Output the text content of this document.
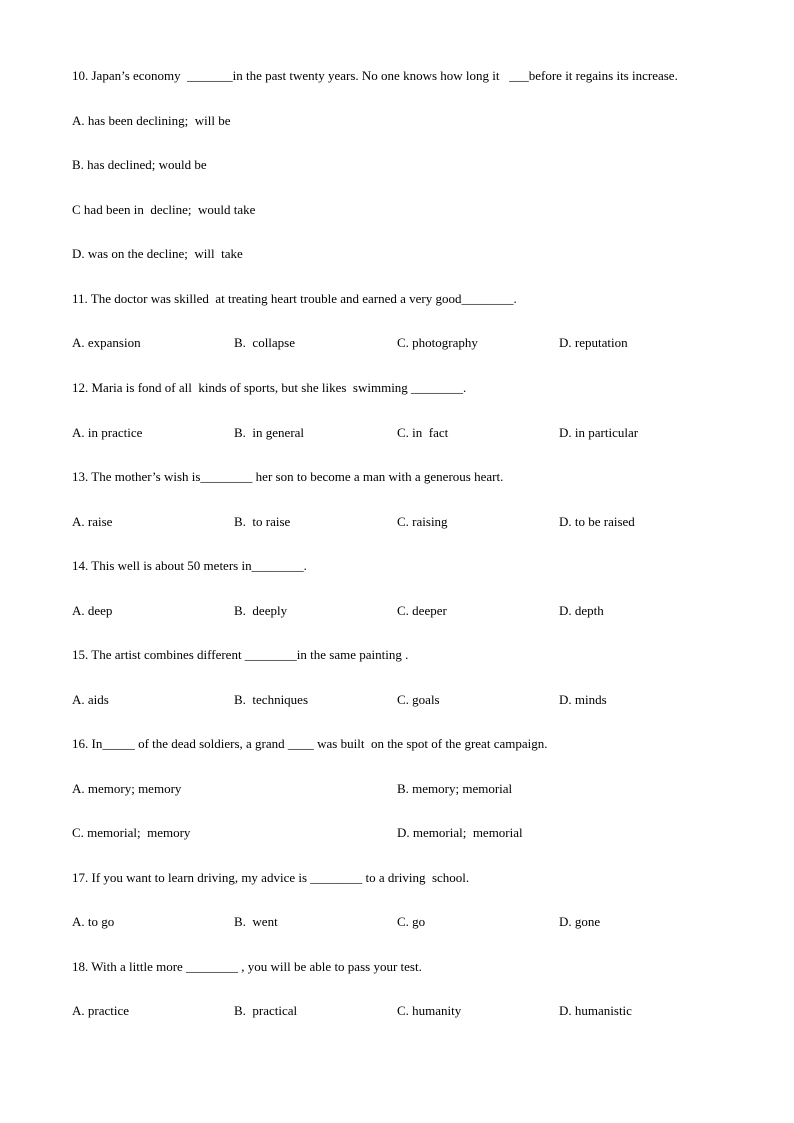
10. Japan’s economy  _______in the past twenty years. No one knows how long it   ___before it regains its increase.
A. has been declining;  will be
B. has declined; would be
C had been in  decline;  would take
D. was on the decline;  will  take
11. The doctor was skilled  at treating heart trouble and earned a very good________.
A. expansion	B.  collapse	C. photography	D. reputation
12. Maria is fond of all  kinds of sports, but she likes  swimming ________.
A. in practice	B.  in general	C. in  fact	D. in particular
13. The mother’s wish is________ her son to become a man with a generous heart.
A. raise	B.  to raise	C. raising	D. to be raised
14. This well is about 50 meters in________.
A. deep	B.  deeply	C. deeper	D. depth
15. The artist combines different ________in the same painting .
A. aids	B.  techniques	C. goals	D. minds
16. In_____ of the dead soldiers, a grand ____ was built  on the spot of the great campaign.
A. memory; memory	B. memory; memorial
C. memorial;  memory	D. memorial;  memorial
17. If you want to learn driving, my advice is ________ to a driving  school.
A. to go	B.  went	C. go	D. gone
18. With a little more ________ , you will be able to pass your test.
A. practice	B.  practical	C. humanity	D. humanistic
